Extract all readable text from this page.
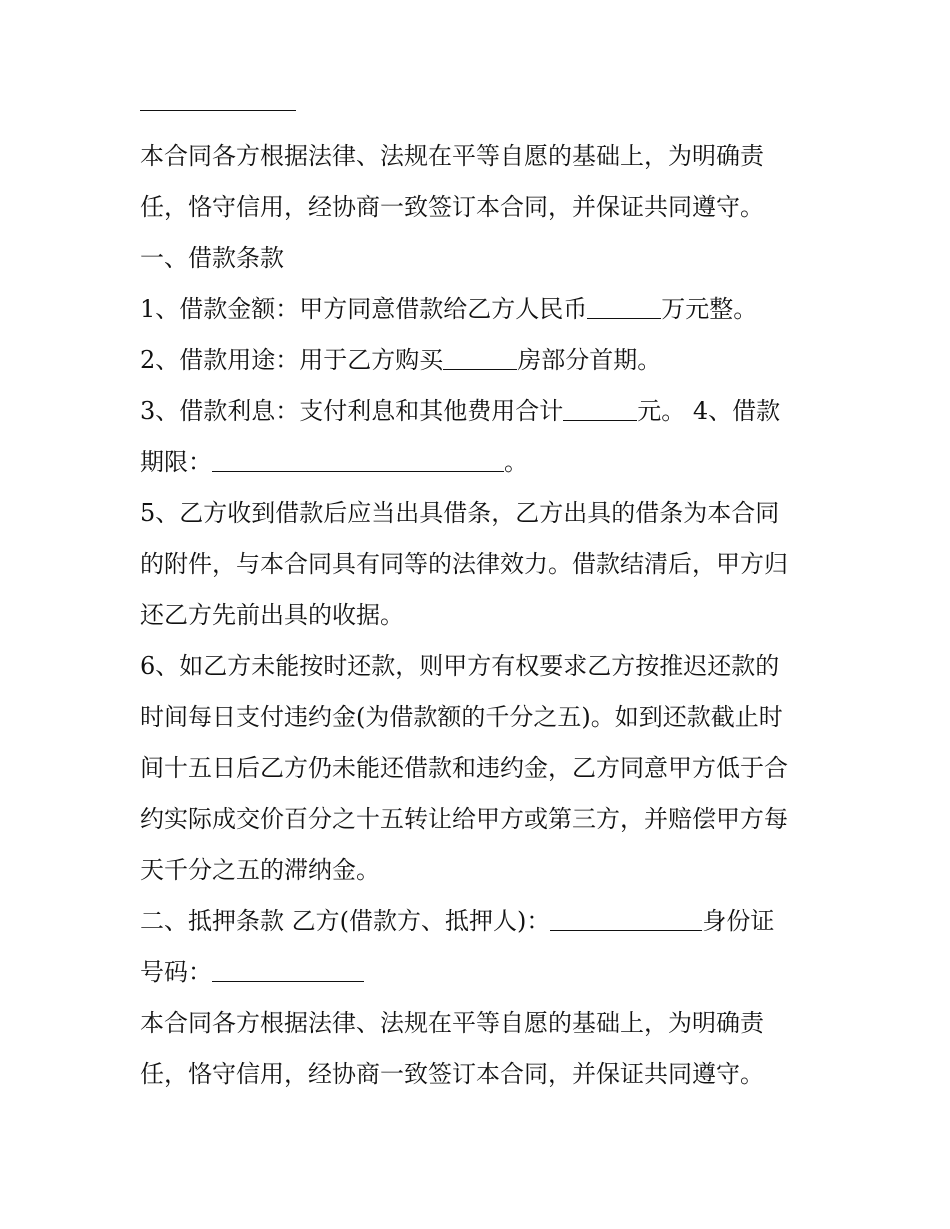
本合同各方根据法律、法规在平等自愿的基础上，为明确责
任，恪守信用，经协商一致签订本合同，并保证共同遵守。
一、借款条款
1、借款金额：甲方同意借款给乙方人民币	万元整。
2、借款用途：用于乙方购买	房部分首期。
3、借款利息：支付利息和其他费用合计	元。 4、借款
期限：	。
5、乙方收到借款后应当出具借条，乙方出具的借条为本合同
的附件，与本合同具有同等的法律效力。借款结清后，甲方归
还乙方先前出具的收据。
6、如乙方未能按时还款，则甲方有权要求乙方按推迟还款的
时间每日支付违约金(为借款额的千分之五)。如到还款截止时
间十五日后乙方仍未能还借款和违约金，乙方同意甲方低于合
约实际成交价百分之十五转让给甲方或第三方，并赔偿甲方每
天千分之五的滞纳金。
二、抵押条款 乙方(借款方、抵押人)：	身份证
号码：
本合同各方根据法律、法规在平等自愿的基础上，为明确责
任，恪守信用，经协商一致签订本合同，并保证共同遵守。
